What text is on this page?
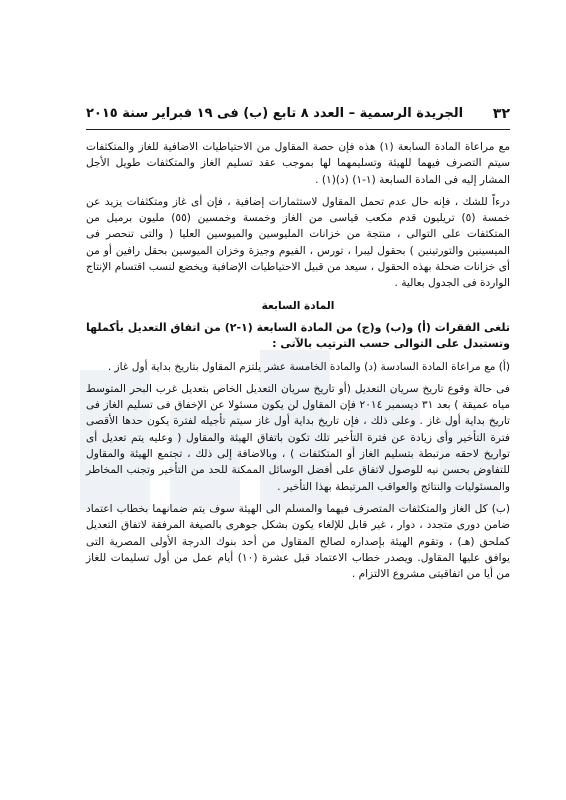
٣٢
الجريدة الرسمية – العدد ٨ تابع (ب) فى ١٩ فبراير سنة ٢٠١٥

مع مراعاة المادة السابعة (١) هذه فإن حصة المقاول من الاحتياطيات الاضافية للغاز والمتكثفات سيتم التصرف فيهما للهيئة وتسليمهما لها بموجب عقد تسليم الغاز والمتكثفات طويل الأجل المشار إليه فى المادة السابعة (١-١) (د)(١) .

درءاً للشك ، فإنه حال عدم تحمل المقاول لاستثمارات إضافية ، فإن أى غاز ومتكثفات يزيد عن خمسة (٥) تريليون قدم مكعب قياسى من الغاز وخمسة وخمسين (٥٥) مليون برميل من المتكثفات على التوالى ، منتجة من خزانات المليوسين والميوسين العليا ( والتى تنحصر فى الميسينين والتورتينين ) بحقول ليبرا ، تورس ، الفيوم وجيزة وخزان الميوسين بحقل رافين أو من أى خزانات ضحلة بهذه الحقول ، سيعد من قبيل الاحتياطيات الإضافية ويخضع لنسب اقتسام الإنتاج الواردة فى الجدول بعالية .

المادة السابعة

تلغى الفقرات (أ) و(ب) و(ج) من المادة السابعة (١-٢) من اتفاق التعديل بأكملها وتستبدل على التوالى حسب الترتيب بالآتى :

(أ) مع مراعاة المادة السادسة (د) والمادة الخامسة عشر يلتزم المقاول بتاريخ بداية أول غاز .

فى حالة وقوع تاريخ سريان التعديل (أو تاريخ سريان التعديل الخاص بتعديل غرب البحر المتوسط مياه عميقة ) بعد ٣١ ديسمبر ٢٠١٤ فإن المقاول لن يكون مسئولا عن الإخفاق فى تسليم الغاز فى تاريخ بداية أول غاز . وعلى ذلك ، فإن تاريخ بداية أول غاز سيتم تأجيله لفترة يكون حدها الأقصى فترة التأخير وأى زيادة عن فترة التأخير تلك تكون باتفاق الهيئة والمقاول ( وعليه يتم تعديل أى تواريخ لاحقه مرتبطة بتسليم الغاز أو المتكثفات ) ، وبالاضافة إلى ذلك ، تجتمع الهيئة والمقاول للتفاوض بحسن نيه للوصول لاتفاق على أفضل الوسائل الممكنة للحد من التأخير وتجنب المخاطر والمسئوليات والنتائج والعواقب المرتبطة بهذا التأخير .

(ب) كل الغاز والمتكثفات المتصرف فيهما والمسلم الى الهيئة سوف يتم ضمانهما بخطاب اعتماد ضامن دورى متجدد ، دوار ، غير قابل للإلغاء يكون بشكل جوهرى بالصيغة المرفقة لاتفاق التعديل كملحق (هـ) ، وتقوم الهيئة بإصداره لصالح المقاول من أحد بنوك الدرجة الأولى المصرية التى يوافق عليها المقاول. ويصدر خطاب الاعتماد قبل عشرة (١٠) أيام عمل من أول تسليمات للغاز من أيا من اتفاقيتى مشروع الالتزام .
